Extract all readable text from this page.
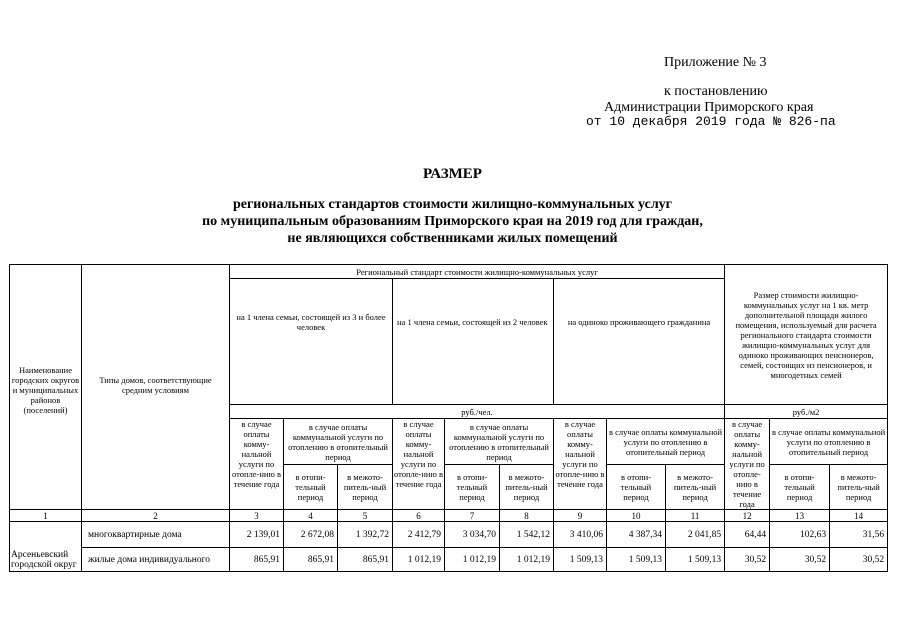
Приложение № 3
к постановлению
Администрации Приморского края
от 10 декабря 2019 года № 826-па
РАЗМЕР
региональных стандартов стоимости жилищно-коммунальных услуг
по муниципальным образованиям Приморского края на 2019 год для граждан,
не являющихся собственниками жилых помещений
Наименование городских округов и муниципальных районов (поселений)	Типы домов, соответствующие средним условиям	Региональный стандарт стоимости жилищно-коммунальных услуг									Размер стоимости жилищно-коммунальных услуг на 1 кв. метр дополнительной площади жилого помещения, используемый для расчета регионального стандарта стоимости жилищно-коммунальных услуг для одиноко проживающих пенсионеров, семей, состоящих из пенсионеров, и многодетных семей		
		на 1 члена семьи, состоящей из 3 и более человек			на 1 члена семьи, состоящей из 2 человек			на одиноко проживающего гражданина					
		руб./чел.									руб./м2		
		в случае оплаты комму-нальной услуги по отопле-нию в течение года	в случае оплаты коммунальной услуги по отоплению в отопительный период		в случае оплаты комму-нальной услуги по отопле-нию в течение года	в случае оплаты коммунальной услуги по отоплению в отопительный период		в случае оплаты комму-нальной услуги по отопле-нию в течение года	в случае оплаты коммунальной услуги по отоплению в отопительный период		в случае оплаты комму-нальной услуги по отопле-нию в течение года	в случае оплаты коммунальной услуги по отоплению в отопительный период	
			в отопи-тельный период	в межото-питель-ный период		в отопи-тельный период	в межото-питель-ный период		в отопи-тельный период	в межото-питель-ный период		в отопи-тельный период	в межото-питель-ный период
1	2	3	4	5	6	7	8	9	10	11	12	13	14
Арсеньевский городской округ	многоквартирные дома	2 139,01	2 672,08	1 392,72	2 412,79	3 034,70	1 542,12	3 410,06	4 387,34	2 041,85	64,44	102,63	31,56
	жилые дома индивидуального	865,91	865,91	865,91	1 012,19	1 012,19	1 012,19	1 509,13	1 509,13	1 509,13	30,52	30,52	30,52
